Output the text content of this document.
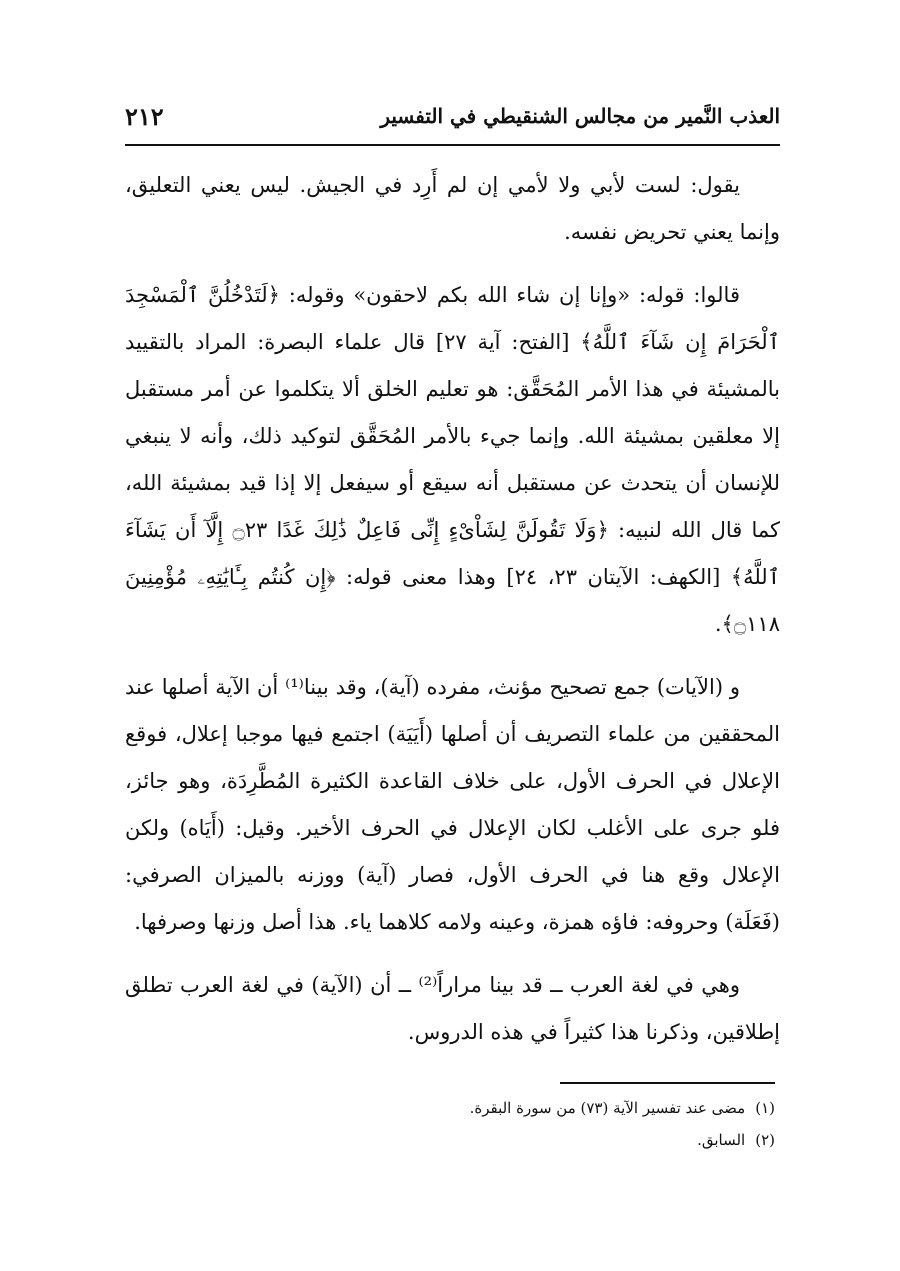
العذب النَّمير من مجالس الشنقيطي في التفسير
٢١٢

يقول: لست لأبي ولا لأمي إن لم أَرِد في الجيش. ليس يعني التعليق، وإنما يعني تحريض نفسه.

قالوا: قوله: «وإنا إن شاء الله بكم لاحقون» وقوله: ﴿لَتَدْخُلُنَّ ٱلْمَسْجِدَ ٱلْحَرَامَ إِن شَآءَ ٱللَّهُ﴾ [الفتح: آية ٢٧] قال علماء البصرة: المراد بالتقييد بالمشيئة في هذا الأمر المُحَقَّق: هو تعليم الخلق ألا يتكلموا عن أمر مستقبل إلا معلقين بمشيئة الله. وإنما جيء بالأمر المُحَقَّق لتوكيد ذلك، وأنه لا ينبغي للإنسان أن يتحدث عن مستقبل أنه سيقع أو سيفعل إلا إذا قيد بمشيئة الله، كما قال الله لنبيه: ﴿وَلَا تَقُولَنَّ لِشَاْىْءٍ إِنِّى فَاعِلٌ ذَٰلِكَ غَدًا ۝٢٣ إِلَّآ أَن يَشَآءَ ٱللَّهُ﴾ [الكهف: الآيتان ٢٣، ٢٤] وهذا معنى قوله: ﴿إِن كُنتُم بِـَٔايَٰتِهِۦ مُؤْمِنِينَ ۝١١٨﴾.

و (الآيات) جمع تصحيح مؤنث، مفرده (آية)، وقد بينا⁽¹⁾ أن الآية أصلها عند المحققين من علماء التصريف أن أصلها (أَيَيَة) اجتمع فيها موجبا إعلال، فوقع الإعلال في الحرف الأول، على خلاف القاعدة الكثيرة المُطَّرِدَة، وهو جائز، فلو جرى على الأغلب لكان الإعلال في الحرف الأخير. وقيل: (أَيَاه) ولكن الإعلال وقع هنا في الحرف الأول، فصار (آية) ووزنه بالميزان الصرفي: (فَعَلَة) وحروفه: فاؤه همزة، وعينه ولامه كلاهما ياء. هذا أصل وزنها وصرفها.

وهي في لغة العرب ــ قد بينا مراراً⁽²⁾ ــ أن (الآية) في لغة العرب تطلق إطلاقين، وذكرنا هذا كثيراً في هذه الدروس.

(١)مضى عند تفسير الآية (٧٣) من سورة البقرة.
(٢)السابق.
